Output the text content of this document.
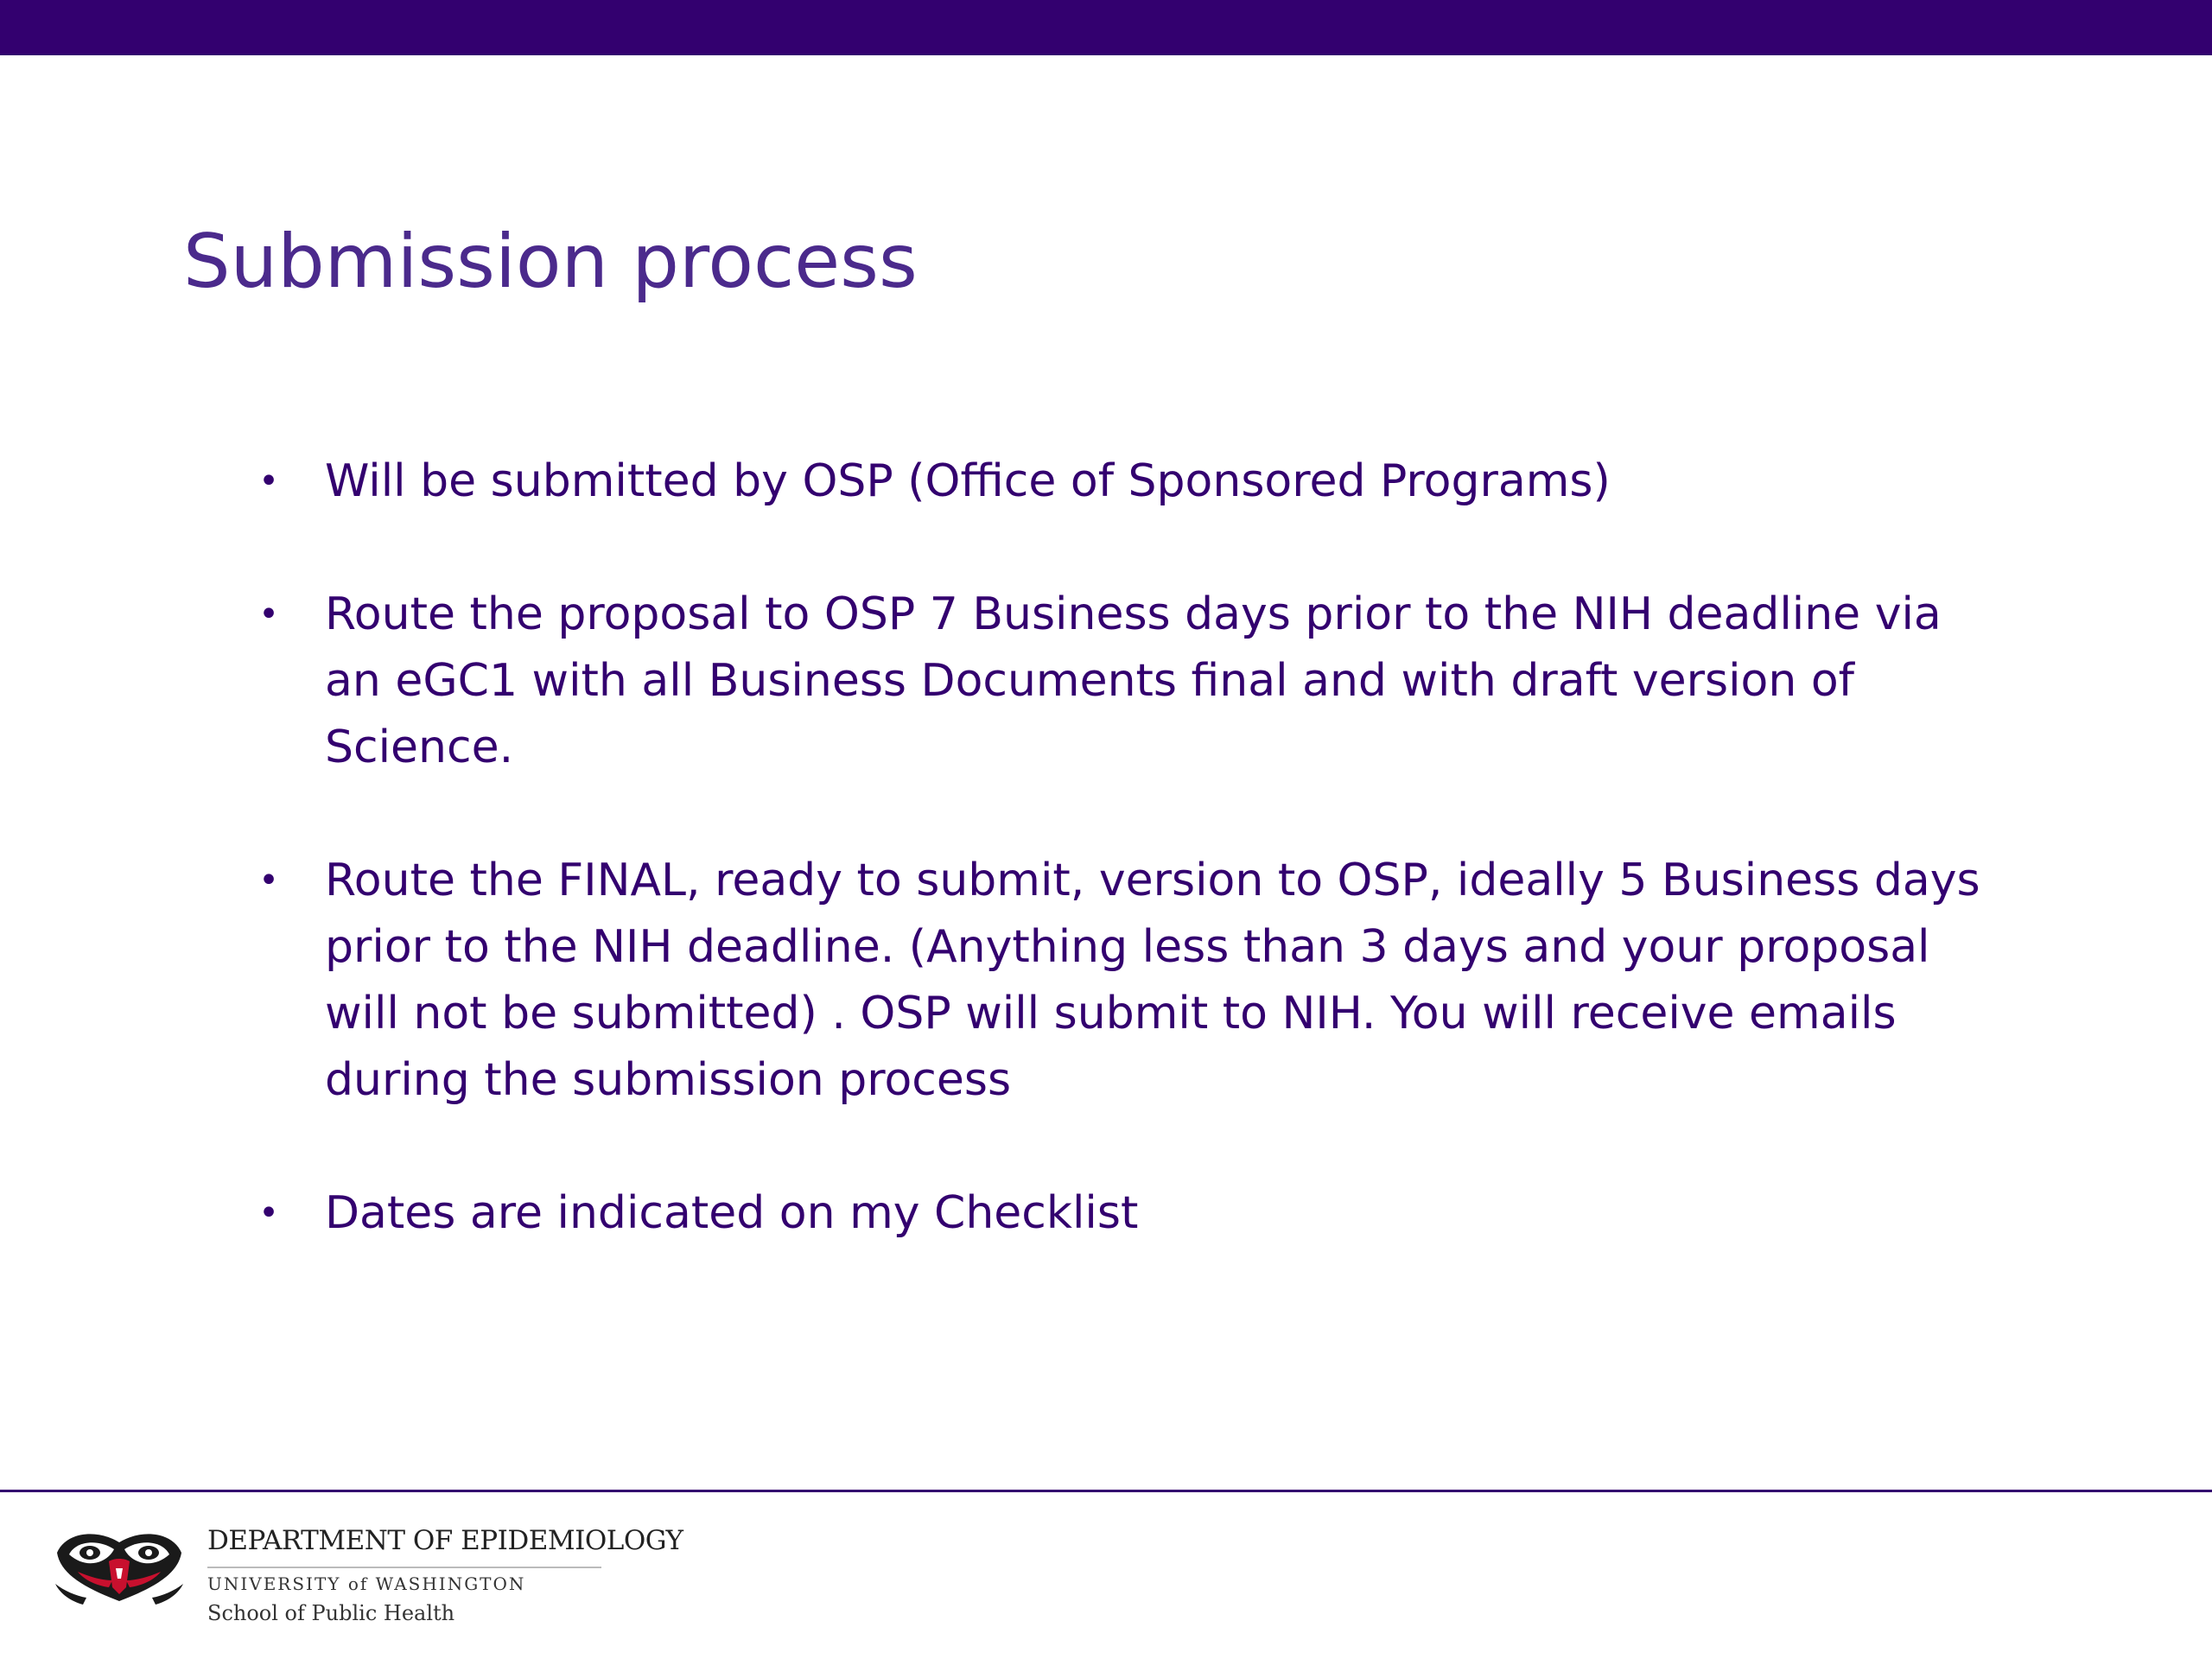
Submission process
• Will be submitted by OSP (Office of Sponsored Programs)
• Route the proposal to OSP 7 Business days prior to the NIH deadline via an eGC1 with all Business Documents final and with draft version of Science.
• Route the FINAL, ready to submit, version to OSP, ideally 5 Business days prior to the NIH deadline. (Anything less than 3 days and your proposal will not be submitted) . OSP will submit to NIH. You will receive emails during the submission process
• Dates are indicated on my Checklist
DEPARTMENT OF EPIDEMIOLOGY
UNIVERSITY of WASHINGTON
School of Public Health
